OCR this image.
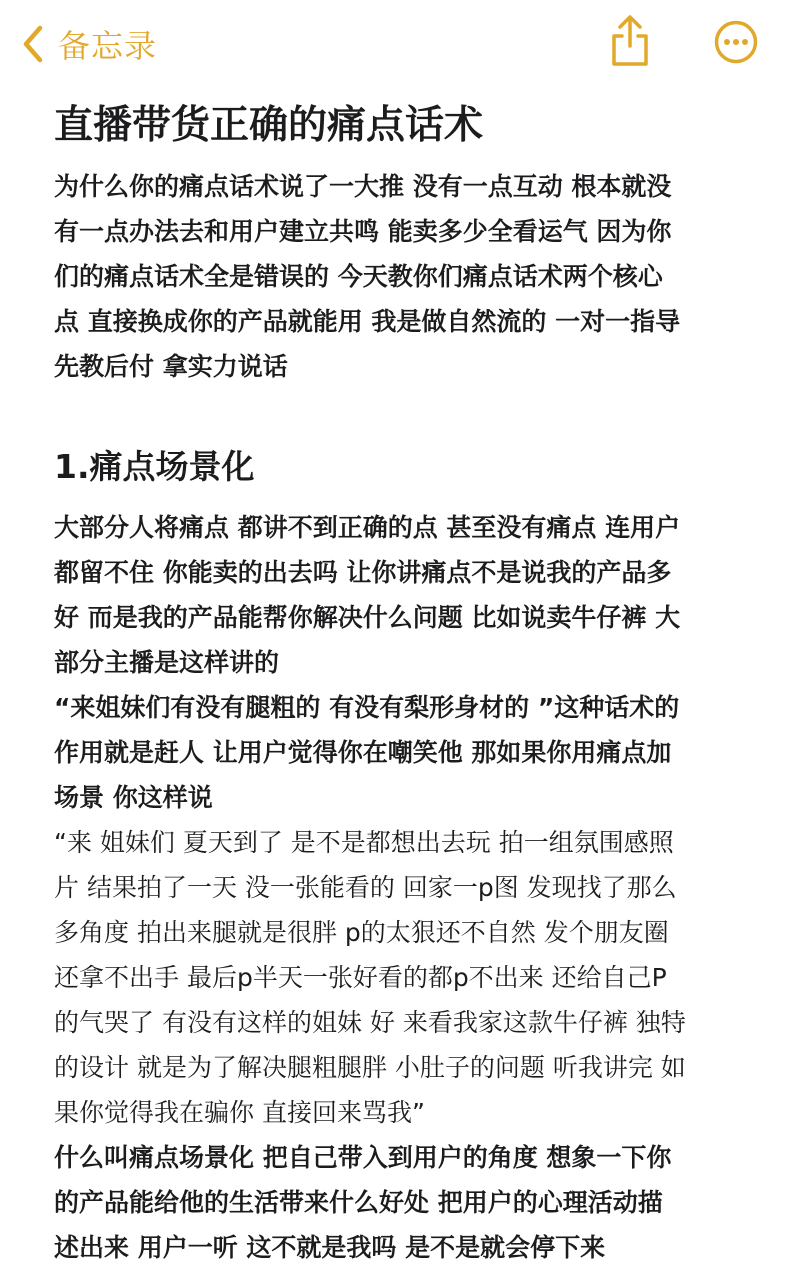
备忘录
直播带货正确的痛点话术

为什么你的痛点话术说了一大推 没有一点互动 根本就没
有一点办法去和用户建立共鸣 能卖多少全看运气 因为你
们的痛点话术全是错误的 今天教你们痛点话术两个核心
点 直接换成你的产品就能用 我是做自然流的 一对一指导
先教后付 拿实力说话

1.痛点场景化

大部分人将痛点 都讲不到正确的点 甚至没有痛点 连用户
都留不住 你能卖的出去吗 让你讲痛点不是说我的产品多
好 而是我的产品能帮你解决什么问题 比如说卖牛仔裤 大
部分主播是这样讲的

“来姐妹们有没有腿粗的 有没有梨形身材的 ”这种话术的
作用就是赶人 让用户觉得你在嘲笑他 那如果你用痛点加
场景 你这样说

“来 姐妹们 夏天到了 是不是都想出去玩 拍一组氛围感照
片 结果拍了一天 没一张能看的 回家一p图 发现找了那么
多角度 拍出来腿就是很胖 p的太狠还不自然 发个朋友圈
还拿不出手 最后p半天一张好看的都p不出来 还给自己P
的气哭了 有没有这样的姐妹 好 来看我家这款牛仔裤 独特
的设计 就是为了解决腿粗腿胖 小肚子的问题 听我讲完 如
果你觉得我在骗你 直接回来骂我”

什么叫痛点场景化 把自己带入到用户的角度 想象一下你
的产品能给他的生活带来什么好处 把用户的心理活动描
述出来 用户一听 这不就是我吗 是不是就会停下来
